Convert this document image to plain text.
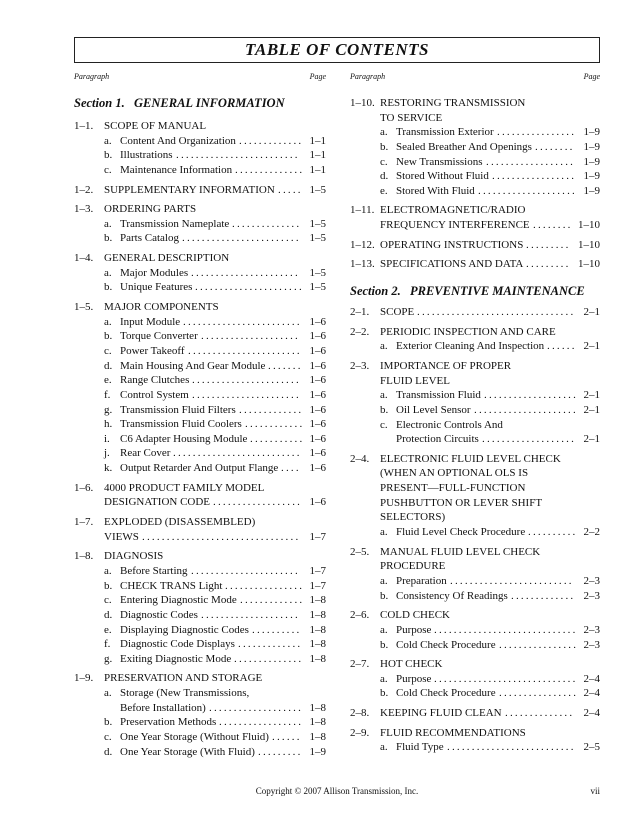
TABLE OF CONTENTS
Paragraph	Page	Paragraph	Page
Section 1. GENERAL INFORMATION
1–1. SCOPE OF MANUAL
a. Content And Organization ............. 1–1
b. Illustrations ......................... 1–1
c. Maintenance Information .............. 1–1
1–2. SUPPLEMENTARY INFORMATION ..... 1–5
1–3. ORDERING PARTS
a. Transmission Nameplate .............. 1–5
b. Parts Catalog ........................ 1–5
1–4. GENERAL DESCRIPTION
a. Major Modules ...................... 1–5
b. Unique Features ...................... 1–5
1–5. MAJOR COMPONENTS
a. Input Module ........................ 1–6
b. Torque Converter .................... 1–6
c. Power Takeoff ....................... 1–6
d. Main Housing And Gear Module ....... 1–6
e. Range Clutches ...................... 1–6
f. Control System ...................... 1–6
g. Transmission Fluid Filters ............. 1–6
h. Transmission Fluid Coolers ............ 1–6
i. C6 Adapter Housing Module ........... 1–6
j. Rear Cover .......................... 1–6
k. Output Retarder And Output Flange .... 1–6
1–6. 4000 PRODUCT FAMILY MODEL
DESIGNATION CODE .................. 1–6
1–7. EXPLODED (DISASSEMBLED)
VIEWS ................................ 1–7
1–8. DIAGNOSIS
a. Before Starting ...................... 1–7
b. CHECK TRANS Light ................ 1–7
c. Entering Diagnostic Mode ............. 1–8
d. Diagnostic Codes .................... 1–8
e. Displaying Diagnostic Codes .......... 1–8
f. Diagnostic Code Displays ............. 1–8
g. Exiting Diagnostic Mode .............. 1–8
1–9. PRESERVATION AND STORAGE
a. Storage (New Transmissions,
Before Installation) ................... 1–8
b. Preservation Methods ................. 1–8
c. One Year Storage (Without Fluid) ...... 1–8
d. One Year Storage (With Fluid) ......... 1–9
1–10. RESTORING TRANSMISSION
TO SERVICE
a. Transmission Exterior ................ 1–9
b. Sealed Breather And Openings ........ 1–9
c. New Transmissions .................. 1–9
d. Stored Without Fluid ................. 1–9
e. Stored With Fluid .................... 1–9
1–11. ELECTROMAGNETIC/RADIO
FREQUENCY INTERFERENCE ........ 1–10
1–12. OPERATING INSTRUCTIONS ......... 1–10
1–13. SPECIFICATIONS AND DATA ......... 1–10
Section 2. PREVENTIVE MAINTENANCE
2–1. SCOPE ................................ 2–1
2–2. PERIODIC INSPECTION AND CARE
a. Exterior Cleaning And Inspection ...... 2–1
2–3. IMPORTANCE OF PROPER
FLUID LEVEL
a. Transmission Fluid ................... 2–1
b. Oil Level Sensor ..................... 2–1
c. Electronic Controls And
Protection Circuits ................... 2–1
2–4. ELECTRONIC FLUID LEVEL CHECK
(WHEN AN OPTIONAL OLS IS
PRESENT—FULL-FUNCTION
PUSHBUTTON OR LEVER SHIFT
SELECTORS)
a. Fluid Level Check Procedure .......... 2–2
2–5. MANUAL FLUID LEVEL CHECK
PROCEDURE
a. Preparation ......................... 2–3
b. Consistency Of Readings ............. 2–3
2–6. COLD CHECK
a. Purpose ............................. 2–3
b. Cold Check Procedure ................ 2–3
2–7. HOT CHECK
a. Purpose ............................. 2–4
b. Cold Check Procedure ................ 2–4
2–8. KEEPING FLUID CLEAN .............. 2–4
2–9. FLUID RECOMMENDATIONS
a. Fluid Type .......................... 2–5
Copyright © 2007 Allison Transmission, Inc.	vii
